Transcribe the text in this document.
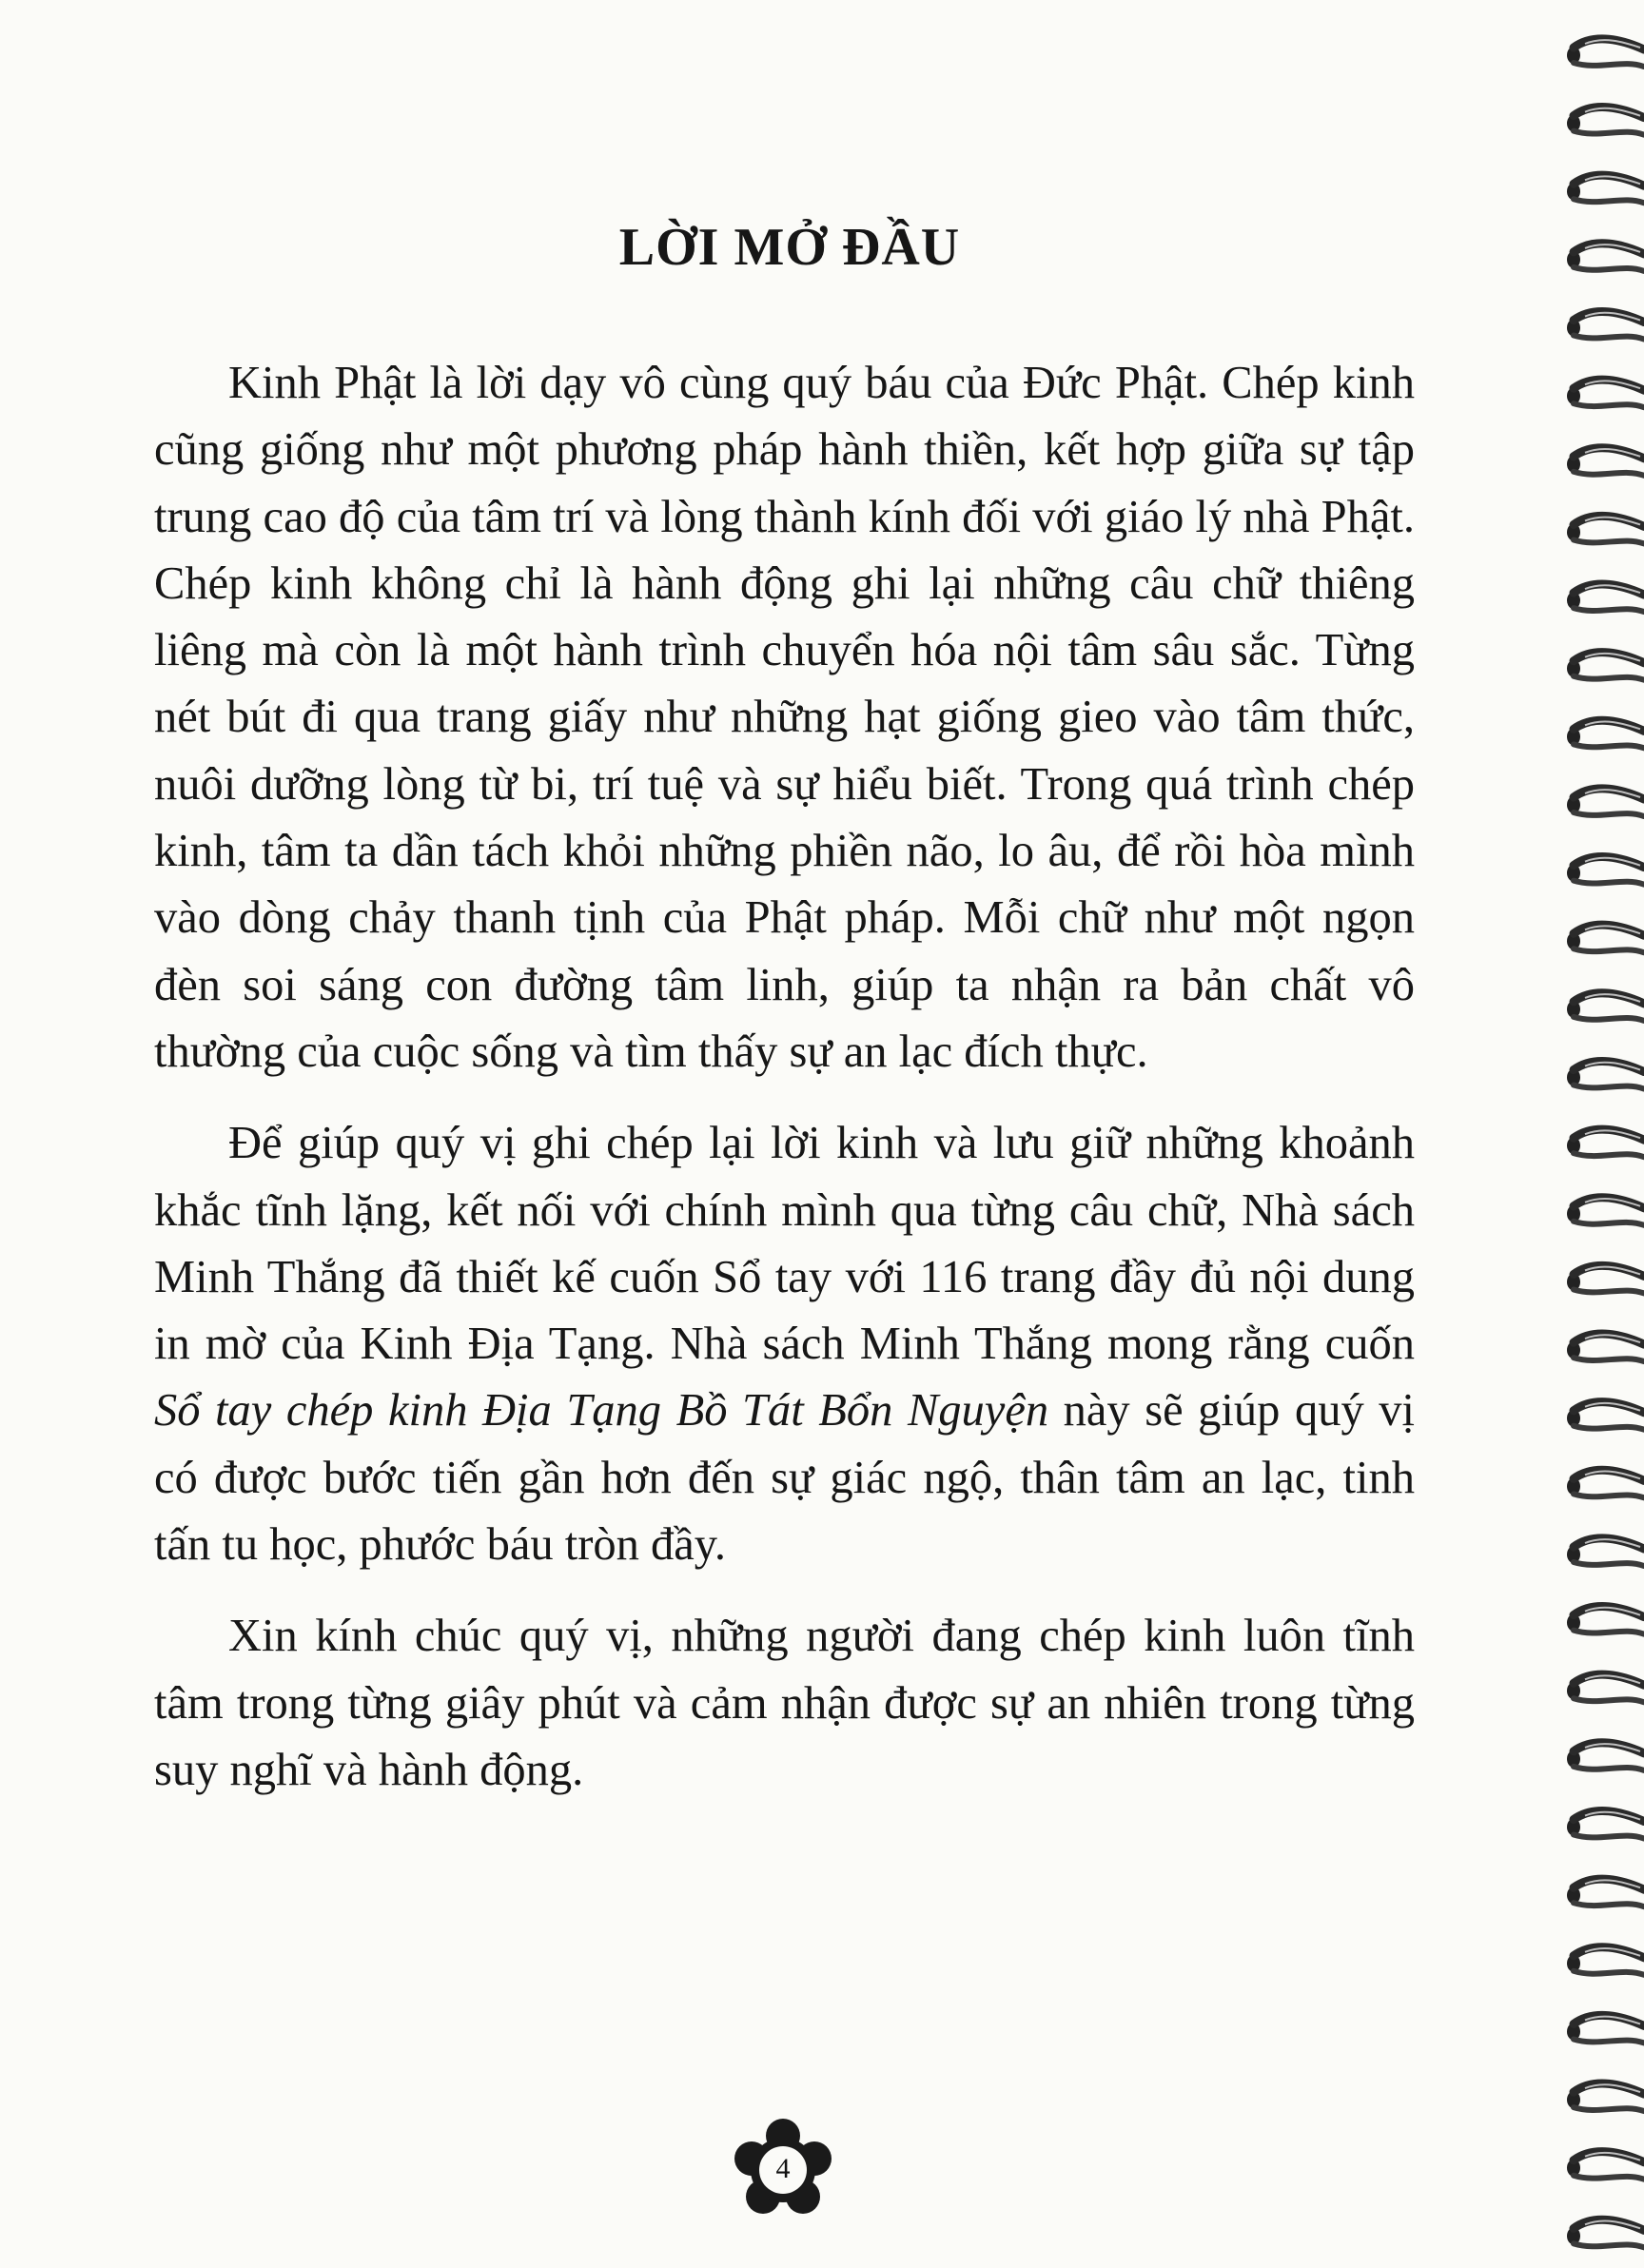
LỜI MỞ ĐẦU

Kinh Phật là lời dạy vô cùng quý báu của Đức Phật. Chép kinh cũng giống như một phương pháp hành thiền, kết hợp giữa sự tập trung cao độ của tâm trí và lòng thành kính đối với giáo lý nhà Phật. Chép kinh không chỉ là hành động ghi lại những câu chữ thiêng liêng mà còn là một hành trình chuyển hóa nội tâm sâu sắc. Từng nét bút đi qua trang giấy như những hạt giống gieo vào tâm thức, nuôi dưỡng lòng từ bi, trí tuệ và sự hiểu biết. Trong quá trình chép kinh, tâm ta dần tách khỏi những phiền não, lo âu, để rồi hòa mình vào dòng chảy thanh tịnh của Phật pháp. Mỗi chữ như một ngọn đèn soi sáng con đường tâm linh, giúp ta nhận ra bản chất vô thường của cuộc sống và tìm thấy sự an lạc đích thực.

Để giúp quý vị ghi chép lại lời kinh và lưu giữ những khoảnh khắc tĩnh lặng, kết nối với chính mình qua từng câu chữ, Nhà sách Minh Thắng đã thiết kế cuốn Sổ tay với 116 trang đầy đủ nội dung in mờ của Kinh Địa Tạng. Nhà sách Minh Thắng mong rằng cuốn Sổ tay chép kinh Địa Tạng Bồ Tát Bổn Nguyện này sẽ giúp quý vị có được bước tiến gần hơn đến sự giác ngộ, thân tâm an lạc, tinh tấn tu học, phước báu tròn đầy.

Xin kính chúc quý vị, những người đang chép kinh luôn tĩnh tâm trong từng giây phút và cảm nhận được sự an nhiên trong từng suy nghĩ và hành động.

4
